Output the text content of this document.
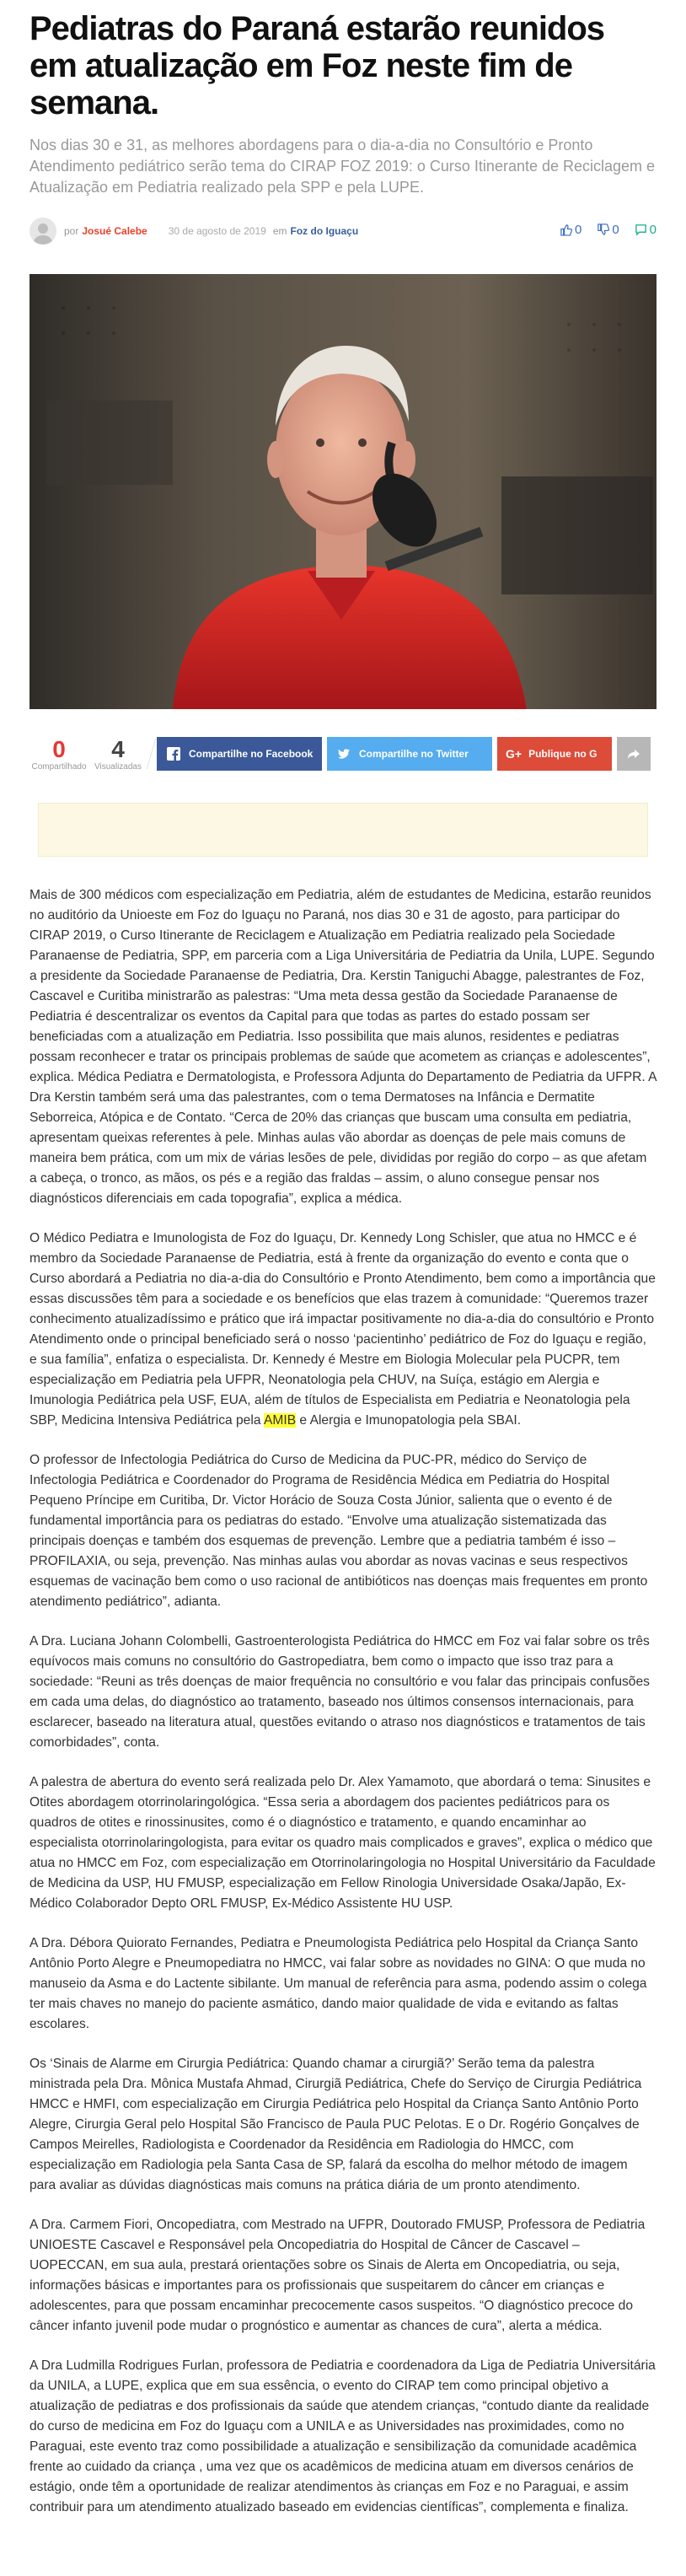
Pediatras do Paraná estarão reunidos em atualização em Foz neste fim de semana.

Nos dias 30 e 31, as melhores abordagens para o dia-a-dia no Consultório e Pronto Atendimento pediátrico serão tema do CIRAP FOZ 2019: o Curso Itinerante de Reciclagem e Atualização em Pediatria realizado pela SPP e pela LUPE.

por Josué Calebe 30 de agosto de 2019 em Foz do Iguaçu	0 0 0
0
Compartilhado
4
Visualizadas
Compartilhe no Facebook	Compartilhe no Twitter	G+ Publique no G

Mais de 300 médicos com especialização em Pediatria, além de estudantes de Medicina, estarão reunidos no auditório da Unioeste em Foz do Iguaçu no Paraná, nos dias 30 e 31 de agosto, para participar do CIRAP 2019, o Curso Itinerante de Reciclagem e Atualização em Pediatria realizado pela Sociedade Paranaense de Pediatria, SPP, em parceria com a Liga Universitária de Pediatria da Unila, LUPE. Segundo a presidente da Sociedade Paranaense de Pediatria, Dra. Kerstin Taniguchi Abagge, palestrantes de Foz, Cascavel e Curitiba ministrarão as palestras: “Uma meta dessa gestão da Sociedade Paranaense de Pediatria é descentralizar os eventos da Capital para que todas as partes do estado possam ser beneficiadas com a atualização em Pediatria. Isso possibilita que mais alunos, residentes e pediatras possam reconhecer e tratar os principais problemas de saúde que acometem as crianças e adolescentes”, explica. Médica Pediatra e Dermatologista, e Professora Adjunta do Departamento de Pediatria da UFPR. A Dra Kerstin também será uma das palestrantes, com o tema Dermatoses na Infância e Dermatite Seborreica, Atópica e de Contato. “Cerca de 20% das crianças que buscam uma consulta em pediatria, apresentam queixas referentes à pele. Minhas aulas vão abordar as doenças de pele mais comuns de maneira bem prática, com um mix de várias lesões de pele, divididas por região do corpo – as que afetam a cabeça, o tronco, as mãos, os pés e a região das fraldas – assim, o aluno consegue pensar nos diagnósticos diferenciais em cada topografia”, explica a médica.

O Médico Pediatra e Imunologista de Foz do Iguaçu, Dr. Kennedy Long Schisler, que atua no HMCC e é membro da Sociedade Paranaense de Pediatria, está à frente da organização do evento e conta que o Curso abordará a Pediatria no dia-a-dia do Consultório e Pronto Atendimento, bem como a importância que essas discussões têm para a sociedade e os benefícios que elas trazem à comunidade: “Queremos trazer conhecimento atualizadíssimo e prático que irá impactar positivamente no dia-a-dia do consultório e Pronto Atendimento onde o principal beneficiado será o nosso ‘pacientinho’ pediátrico de Foz do Iguaçu e região, e sua família”, enfatiza o especialista. Dr. Kennedy é Mestre em Biologia Molecular pela PUCPR, tem especialização em Pediatria pela UFPR, Neonatologia pela CHUV, na Suíça, estágio em Alergia e Imunologia Pediátrica pela USF, EUA, além de títulos de Especialista em Pediatria e Neonatologia pela SBP, Medicina Intensiva Pediátrica pela AMIB e Alergia e Imunopatologia pela SBAI.

O professor de Infectologia Pediátrica do Curso de Medicina da PUC-PR, médico do Serviço de Infectologia Pediátrica e Coordenador do Programa de Residência Médica em Pediatria do Hospital Pequeno Príncipe em Curitiba, Dr. Victor Horácio de Souza Costa Júnior, salienta que o evento é de fundamental importância para os pediatras do estado. “Envolve uma atualização sistematizada das principais doenças e também dos esquemas de prevenção. Lembre que a pediatria também é isso – PROFILAXIA, ou seja, prevenção. Nas minhas aulas vou abordar as novas vacinas e seus respectivos esquemas de vacinação bem como o uso racional de antibióticos nas doenças mais frequentes em pronto atendimento pediátrico”, adianta.

A Dra. Luciana Johann Colombelli, Gastroenterologista Pediátrica do HMCC em Foz vai falar sobre os três equívocos mais comuns no consultório do Gastropediatra, bem como o impacto que isso traz para a sociedade: “Reuni as três doenças de maior frequência no consultório e vou falar das principais confusões em cada uma delas, do diagnóstico ao tratamento, baseado nos últimos consensos internacionais, para esclarecer, baseado na literatura atual, questões evitando o atraso nos diagnósticos e tratamentos de tais comorbidades”, conta.

A palestra de abertura do evento será realizada pelo Dr. Alex Yamamoto, que abordará o tema: Sinusites e Otites abordagem otorrinolaringológica. “Essa seria a abordagem dos pacientes pediátricos para os quadros de otites e rinossinusites, como é o diagnóstico e tratamento, e quando encaminhar ao especialista otorrinolaringologista, para evitar os quadro mais complicados e graves”, explica o médico que atua no HMCC em Foz, com especialização em Otorrinolaringologia no Hospital Universitário da Faculdade de Medicina da USP, HU FMUSP, especialização em Fellow Rinologia Universidade Osaka/Japão, Ex-Médico Colaborador Depto ORL FMUSP, Ex-Médico Assistente HU USP.

A Dra. Débora Quiorato Fernandes, Pediatra e Pneumologista Pediátrica pelo Hospital da Criança Santo Antônio Porto Alegre e Pneumopediatra no HMCC, vai falar sobre as novidades no GINA: O que muda no manuseio da Asma e do Lactente sibilante. Um manual de referência para asma, podendo assim o colega ter mais chaves no manejo do paciente asmático, dando maior qualidade de vida e evitando as faltas escolares.

Os ‘Sinais de Alarme em Cirurgia Pediátrica: Quando chamar a cirurgiã?’ Serão tema da palestra ministrada pela Dra. Mônica Mustafa Ahmad, Cirurgiã Pediátrica, Chefe do Serviço de Cirurgia Pediátrica HMCC e HMFI, com especialização em Cirurgia Pediátrica pelo Hospital da Criança Santo Antônio Porto Alegre, Cirurgia Geral pelo Hospital São Francisco de Paula PUC Pelotas. E o Dr. Rogério Gonçalves de Campos Meirelles, Radiologista e Coordenador da Residência em Radiologia do HMCC, com especialização em Radiologia pela Santa Casa de SP, falará da escolha do melhor método de imagem para avaliar as dúvidas diagnósticas mais comuns na prática diária de um pronto atendimento.

A Dra. Carmem Fiori, Oncopediatra, com Mestrado na UFPR, Doutorado FMUSP, Professora de Pediatria UNIOESTE Cascavel e Responsável pela Oncopediatria do Hospital de Câncer de Cascavel – UOPECCAN, em sua aula, prestará orientações sobre os Sinais de Alerta em Oncopediatria, ou seja, informações básicas e importantes para os profissionais que suspeitarem do câncer em crianças e adolescentes, para que possam encaminhar precocemente casos suspeitos. “O diagnóstico precoce do câncer infanto juvenil pode mudar o prognóstico e aumentar as chances de cura”, alerta a médica.

A Dra Ludmilla Rodrigues Furlan, professora de Pediatria e coordenadora da Liga de Pediatria Universitária da UNILA, a LUPE, explica que em sua essência, o evento do CIRAP tem como principal objetivo a atualização de pediatras e dos profissionais da saúde que atendem crianças, “contudo diante da realidade do curso de medicina em Foz do Iguaçu com a UNILA e as Universidades nas proximidades, como no Paraguai, este evento traz como possibilidade a atualização e sensibilização da comunidade acadêmica frente ao cuidado da criança , uma vez que os acadêmicos de medicina atuam em diversos cenários de estágio, onde têm a oportunidade de realizar atendimentos às crianças em Foz e no Paraguai, e assim contribuir para um atendimento atualizado baseado em evidencias científicas”, complementa e finaliza.
